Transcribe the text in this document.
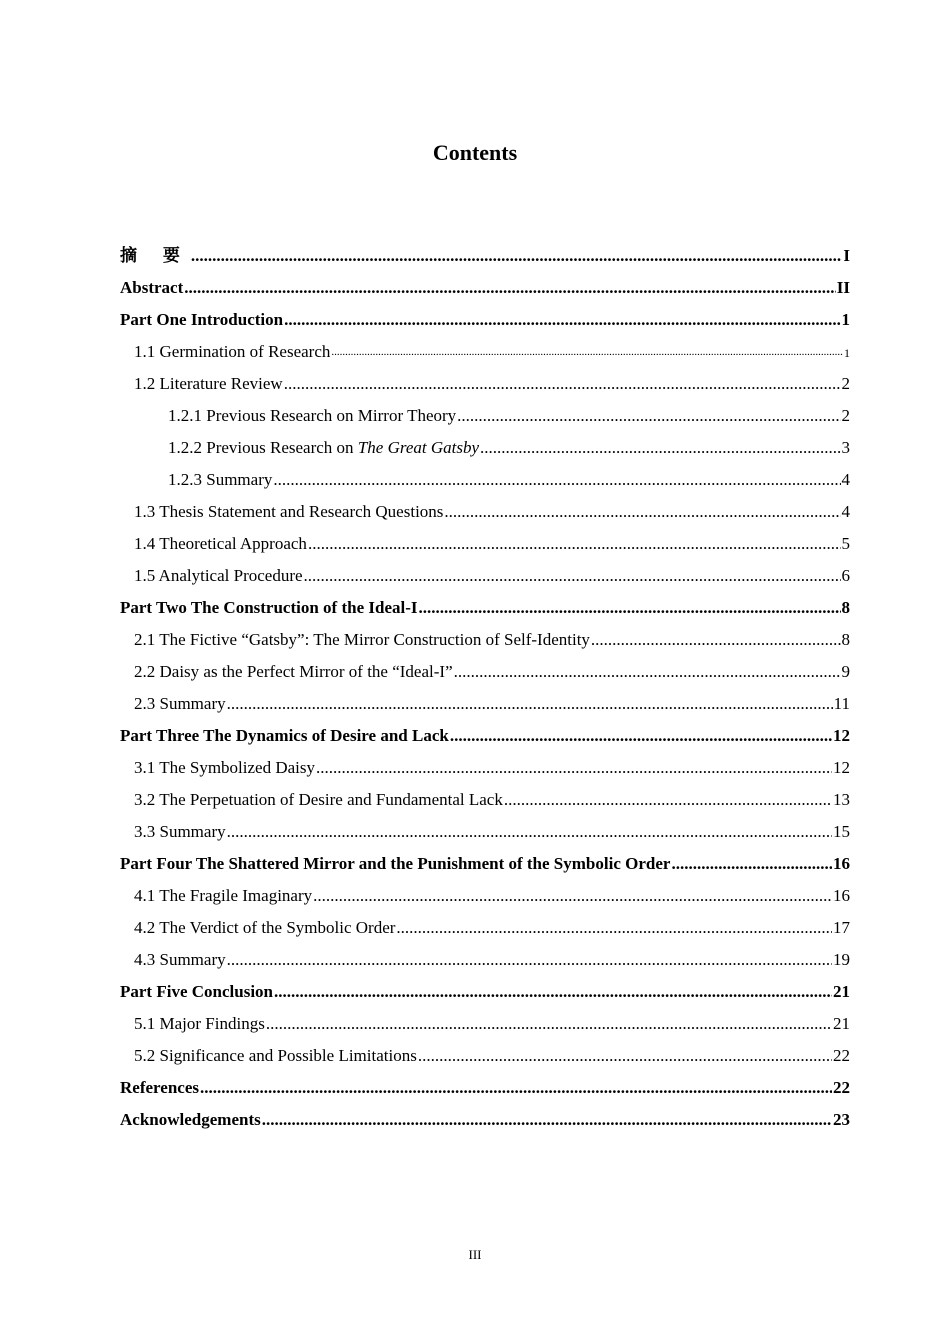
Contents
摘 要 .....	I
Abstract .....	II
Part One Introduction .....	1
1.1 Germination of Research .....	1
1.2 Literature Review .....	2
1.2.1 Previous Research on Mirror Theory .....	2
1.2.2 Previous Research on The Great Gatsby .....	3
1.2.3 Summary .....	4
1.3 Thesis Statement and Research Questions .....	4
1.4 Theoretical Approach .....	5
1.5 Analytical Procedure .....	6
Part Two The Construction of the Ideal-I .....	8
2.1 The Fictive “Gatsby”: The Mirror Construction of Self-Identity .....	8
2.2 Daisy as the Perfect Mirror of the “Ideal-I” .....	9
2.3 Summary .....	11
Part Three The Dynamics of Desire and Lack .....	12
3.1 The Symbolized Daisy .....	12
3.2 The Perpetuation of Desire and Fundamental Lack .....	13
3.3 Summary .....	15
Part Four The Shattered Mirror and the Punishment of the Symbolic Order .....	16
4.1 The Fragile Imaginary .....	16
4.2 The Verdict of the Symbolic Order .....	17
4.3 Summary .....	19
Part Five Conclusion .....	21
5.1 Major Findings .....	21
5.2 Significance and Possible Limitations .....	22
References .....	22
Acknowledgements .....	23
III
